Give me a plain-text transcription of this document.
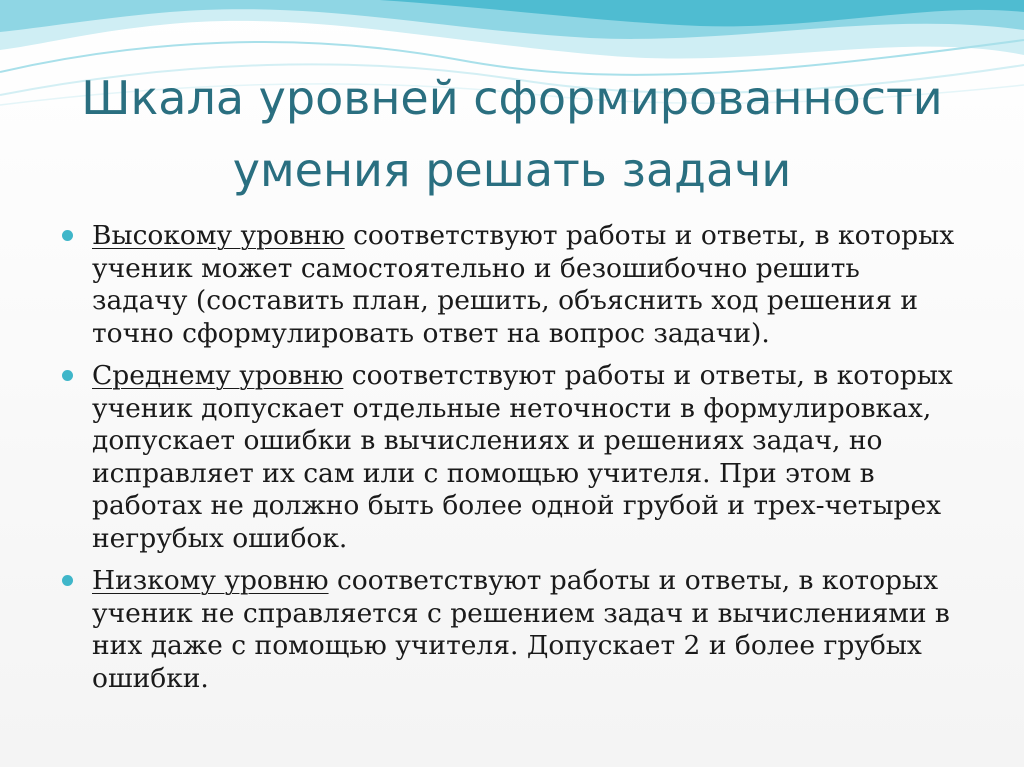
Шкала уровней сформированности
умения решать задачи
Высокому уровню соответствуют работы и ответы, в которых ученик может самостоятельно и безошибочно решить задачу (составить план, решить, объяснить ход решения и точно сформулировать ответ на вопрос задачи).
Среднему уровню соответствуют работы и ответы, в которых ученик допускает отдельные неточности в формулировках, допускает ошибки в вычислениях и решениях задач, но исправляет их сам или с помощью учителя. При этом в работах не должно быть более одной грубой и трех-четырех негрубых ошибок.
Низкому уровню соответствуют работы и ответы, в которых ученик не справляется с решением задач и вычислениями в них даже с помощью учителя. Допускает 2 и более грубых ошибки.
